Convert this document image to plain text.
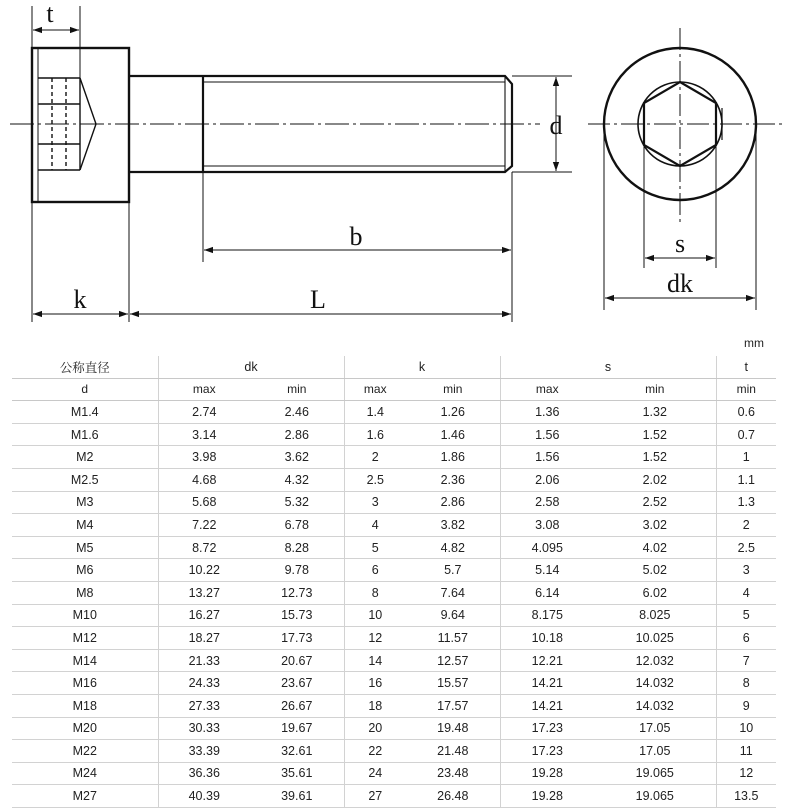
t
d
b
k	L
s
dk
mm
公称直径	dk		k		s		t
d	max	min	max	min	max	min	min
M1.4	2.74	2.46	1.4	1.26	1.36	1.32	0.6
M1.6	3.14	2.86	1.6	1.46	1.56	1.52	0.7
M2	3.98	3.62	2	1.86	1.56	1.52	1
M2.5	4.68	4.32	2.5	2.36	2.06	2.02	1.1
M3	5.68	5.32	3	2.86	2.58	2.52	1.3
M4	7.22	6.78	4	3.82	3.08	3.02	2
M5	8.72	8.28	5	4.82	4.095	4.02	2.5
M6	10.22	9.78	6	5.7	5.14	5.02	3
M8	13.27	12.73	8	7.64	6.14	6.02	4
M10	16.27	15.73	10	9.64	8.175	8.025	5
M12	18.27	17.73	12	11.57	10.18	10.025	6
M14	21.33	20.67	14	12.57	12.21	12.032	7
M16	24.33	23.67	16	15.57	14.21	14.032	8
M18	27.33	26.67	18	17.57	14.21	14.032	9
M20	30.33	19.67	20	19.48	17.23	17.05	10
M22	33.39	32.61	22	21.48	17.23	17.05	11
M24	36.36	35.61	24	23.48	19.28	19.065	12
M27	40.39	39.61	27	26.48	19.28	19.065	13.5
